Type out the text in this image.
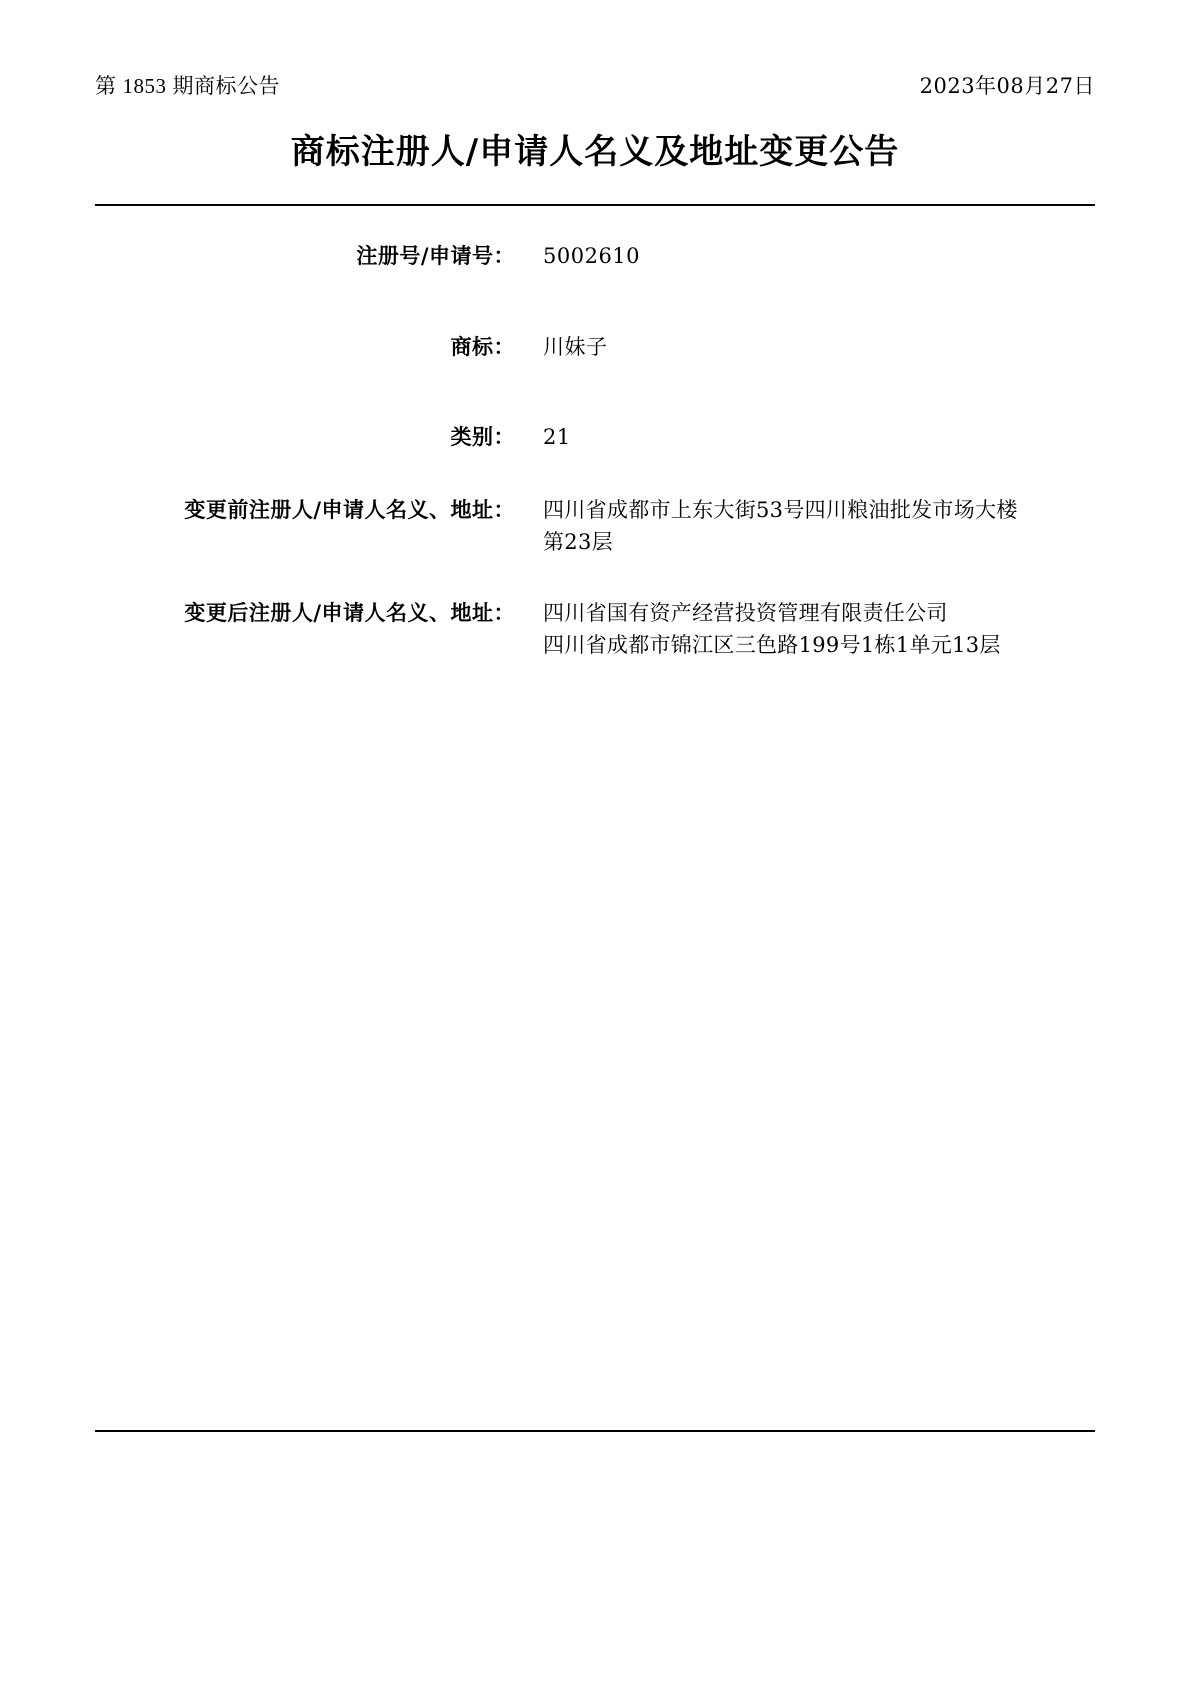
第 1853 期商标公告	2023年08月27日
商标注册人/申请人名义及地址变更公告
注册号/申请号： 5002610
商标： 川妹子
类别： 21
变更前注册人/申请人名义、地址： 四川省成都市上东大街53号四川粮油批发市场大楼
第23层
变更后注册人/申请人名义、地址： 四川省国有资产经营投资管理有限责任公司
四川省成都市锦江区三色路199号1栋1单元13层
